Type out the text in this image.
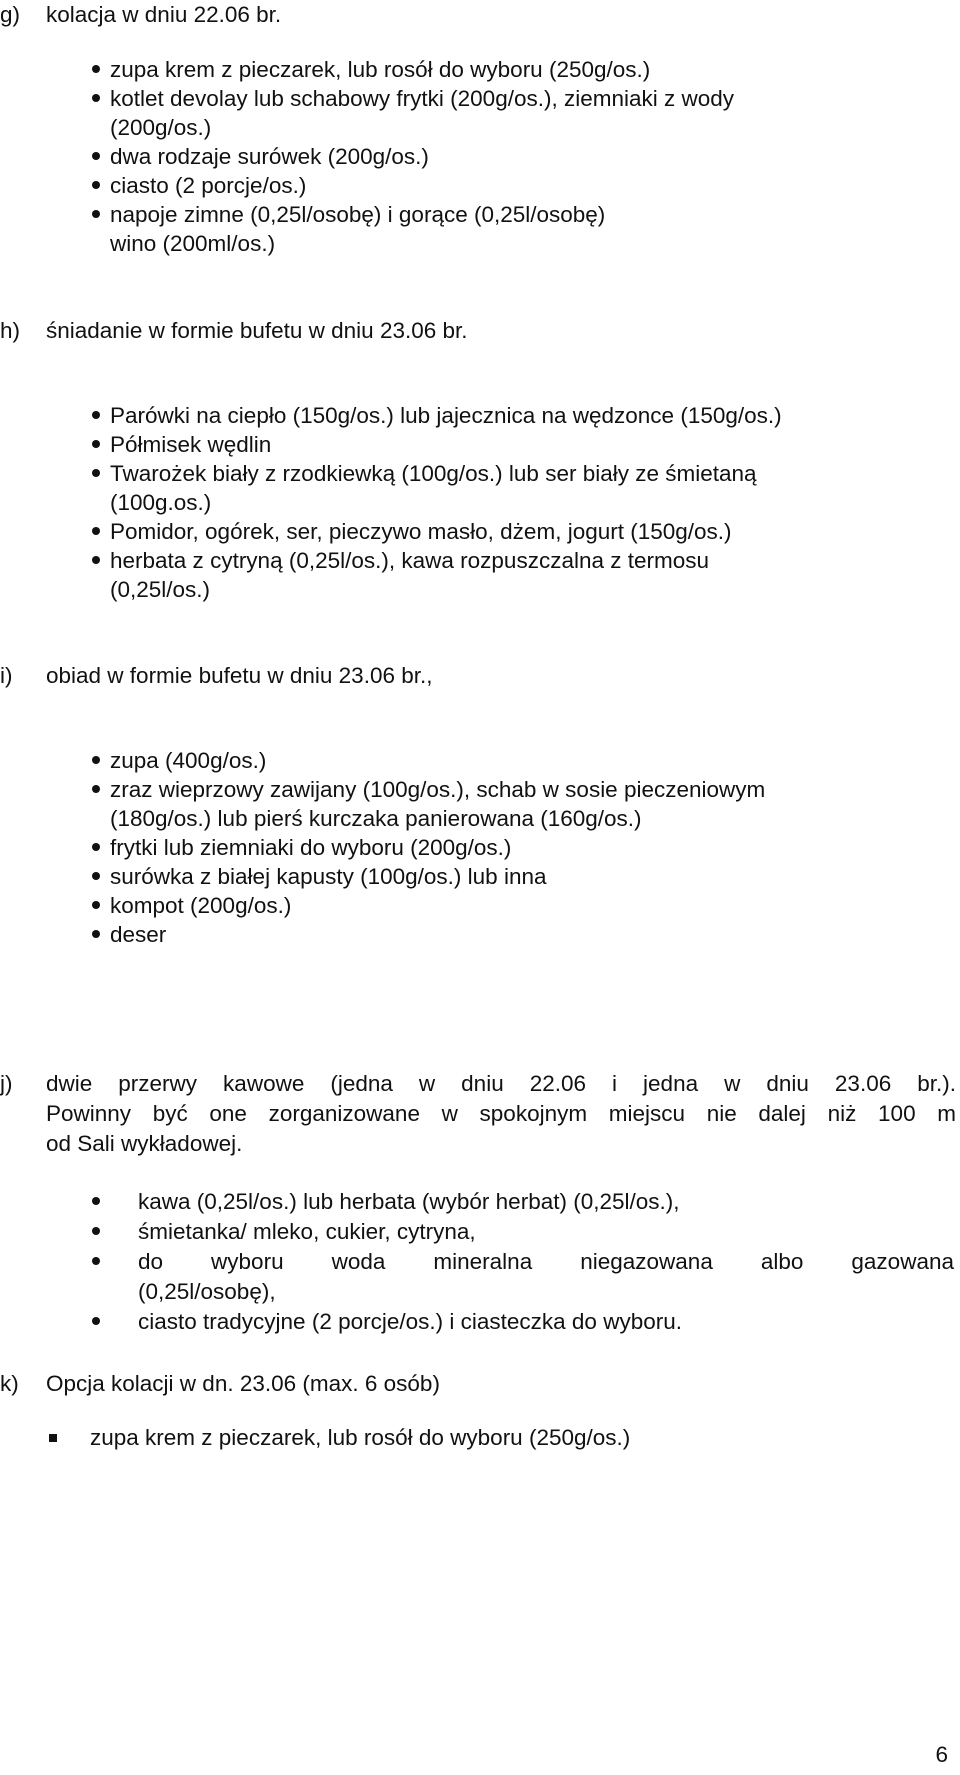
g) kolacja w dniu 22.06 br.
zupa krem z pieczarek, lub rosół do wyboru (250g/os.)
kotlet devolay lub schabowy frytki (200g/os.), ziemniaki z wody
(200g/os.)
dwa rodzaje surówek (200g/os.)
ciasto (2 porcje/os.)
napoje zimne (0,25l/osobę) i gorące (0,25l/osobę)
wino (200ml/os.)
h) śniadanie w formie bufetu w dniu 23.06 br.
Parówki na ciepło (150g/os.) lub jajecznica na wędzonce (150g/os.)
Półmisek wędlin
Twarożek biały z rzodkiewką (100g/os.) lub ser biały ze śmietaną
(100g.os.)
Pomidor, ogórek, ser, pieczywo masło, dżem, jogurt (150g/os.)
herbata z cytryną (0,25l/os.), kawa rozpuszczalna z termosu
(0,25l/os.)
i) obiad w formie bufetu w dniu 23.06 br.,
zupa (400g/os.)
zraz wieprzowy zawijany (100g/os.), schab w sosie pieczeniowym
(180g/os.) lub pierś kurczaka panierowana (160g/os.)
frytki lub ziemniaki do wyboru (200g/os.)
surówka z białej kapusty (100g/os.) lub inna
kompot (200g/os.)
deser
j) dwie przerwy kawowe (jedna w dniu 22.06 i jedna w dniu 23.06 br.).
Powinny być one zorganizowane w spokojnym miejscu nie dalej niż 100 m
od Sali wykładowej.
kawa (0,25l/os.) lub herbata (wybór herbat) (0,25l/os.),
śmietanka/ mleko, cukier, cytryna,
do wyboru woda mineralna niegazowana albo gazowana
(0,25l/osobę),
ciasto tradycyjne (2 porcje/os.) i ciasteczka do wyboru.
k) Opcja kolacji w dn. 23.06 (max. 6 osób)
zupa krem z pieczarek, lub rosół do wyboru (250g/os.)
6
